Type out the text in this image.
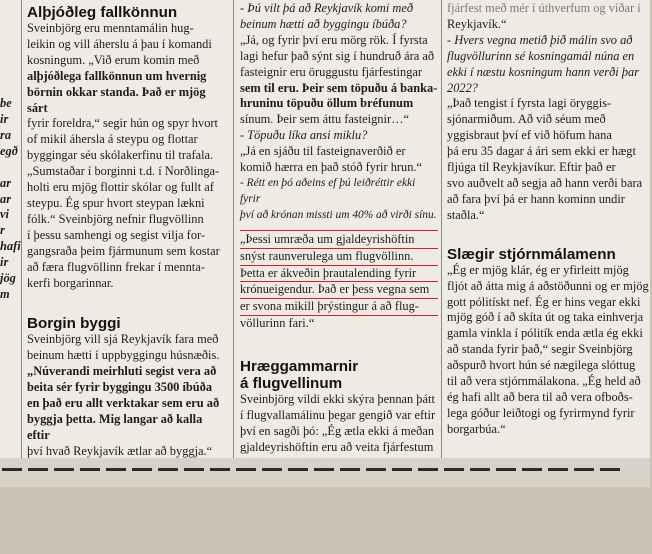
be

ir

ra

egð

ar

ar

vi

r

hafi

ir

jög

m

Alþjóðleg fallkönnun

Sveinbjörg eru menntamálin hug-

leikin og vill áherslu á þau í komandi

kosningum. „Við erum komin með

alþjóðlega fallkönnun um hvernig

börnin okkar standa. Það er mjög sárt

fyrir foreldra,“ segir hún og spyr hvort

of mikil áhersla á steypu og flottar

byggingar séu skólakerfinu til trafala.

„Sumstaðar í borginni t.d. í Norðlinga-

holti eru mjög flottir skólar og fullt af

steypu. Ég spur hvort steypan lækni

fólk.“ Sveinbjörg nefnir flugvöllinn

í þessu samhengi og segist vilja for-

gangsraða þeim fjármunum sem kostar

að færa flugvöllinn frekar í mennta-

kerfi borgarinnar.

Borgin byggi

Sveinbjörg vill sjá Reykjavík fara með

beinum hætti í uppbyggingu húsnæðis.

„Núverandi meirhluti segist vera að

beita sér fyrir byggingu 3500 íbúða

en það eru allt verktakar sem eru að

byggja þetta. Mig langar að kalla eftir

því hvað Reykjavík ætlar að byggja.“

- Þú vilt þá að Reykjavík komi með

beinum hætti að byggingu íbúða?

„Já, og fyrir því eru mörg rök. Í fyrsta

lagi hefur það sýnt sig í hundruð ára að

fasteignir eru öruggustu fjárfestingar

sem til eru. Þeir sem töpuðu á banka-

hruninu töpuðu öllum bréfunum

sínum. Þeir sem áttu fasteignir…“

- Töpuðu líka ansi miklu?

„Já en sjáðu til fasteignaverðið er

komið hærra en það stóð fyrir hrun.“

- Rétt en þó aðeins ef þú leiðréttir ekki fyrir

því að krónan missti um 40% að virði sínu.

„Þessi umræða um gjaldeyrishöftin

snýst raunverulega um flugvöllinn.

Þetta er ákveðin þrautalending fyrir

krónueigendur. Það er þess vegna sem

er svona mikill þrýstingur á að flug-

völlurinn fari.“

Hræggammarnir

á flugvellinum

Sveinbjörg vildi ekki skýra þennan þátt

í flugvallamálinu þegar gengið var eftir

því en sagði þó: „Ég ætla ekki á meðan

gjaldeyrishöftin eru að veita fjárfestum

fjárfest með mér í úthverfum og víðar í

Reykjavík.“

- Hvers vegna metið þið málin svo að

flugvöllurinn sé kosningamál núna en

ekki í næstu kosningum hann verði þar

2022?

„Það tengist í fyrsta lagi öryggis-

sjónarmiðum. Að við séum með

yggisbraut því ef við höfum hana

þá eru 35 dagar á ári sem ekki er hægt

fljúga til Reykjavíkur. Eftir það er

svo auðvelt að segja að hann verði bara

að fara því þá er hann kominn undir

staðla.“

Slægir stjórnmálamenn

„Ég er mjög klár, ég er yfirleitt mjög

fljót að átta mig á aðstöðunni og er mjög

gott pólitískt nef. Ég er hins vegar ekki

mjög góð í að skíta út og taka einhverja

gamla vinkla í pólitík enda ætla ég ekki

að standa fyrir það,“ segir Sveinbjörg

aðspurð hvort hún sé nægilega slóttug

til að vera stjórnmálakona. „Ég held að

ég hafi allt að bera til að vera ofboðs-

lega góður leiðtogi og fyrirmynd fyrir

borgarbúa.“
